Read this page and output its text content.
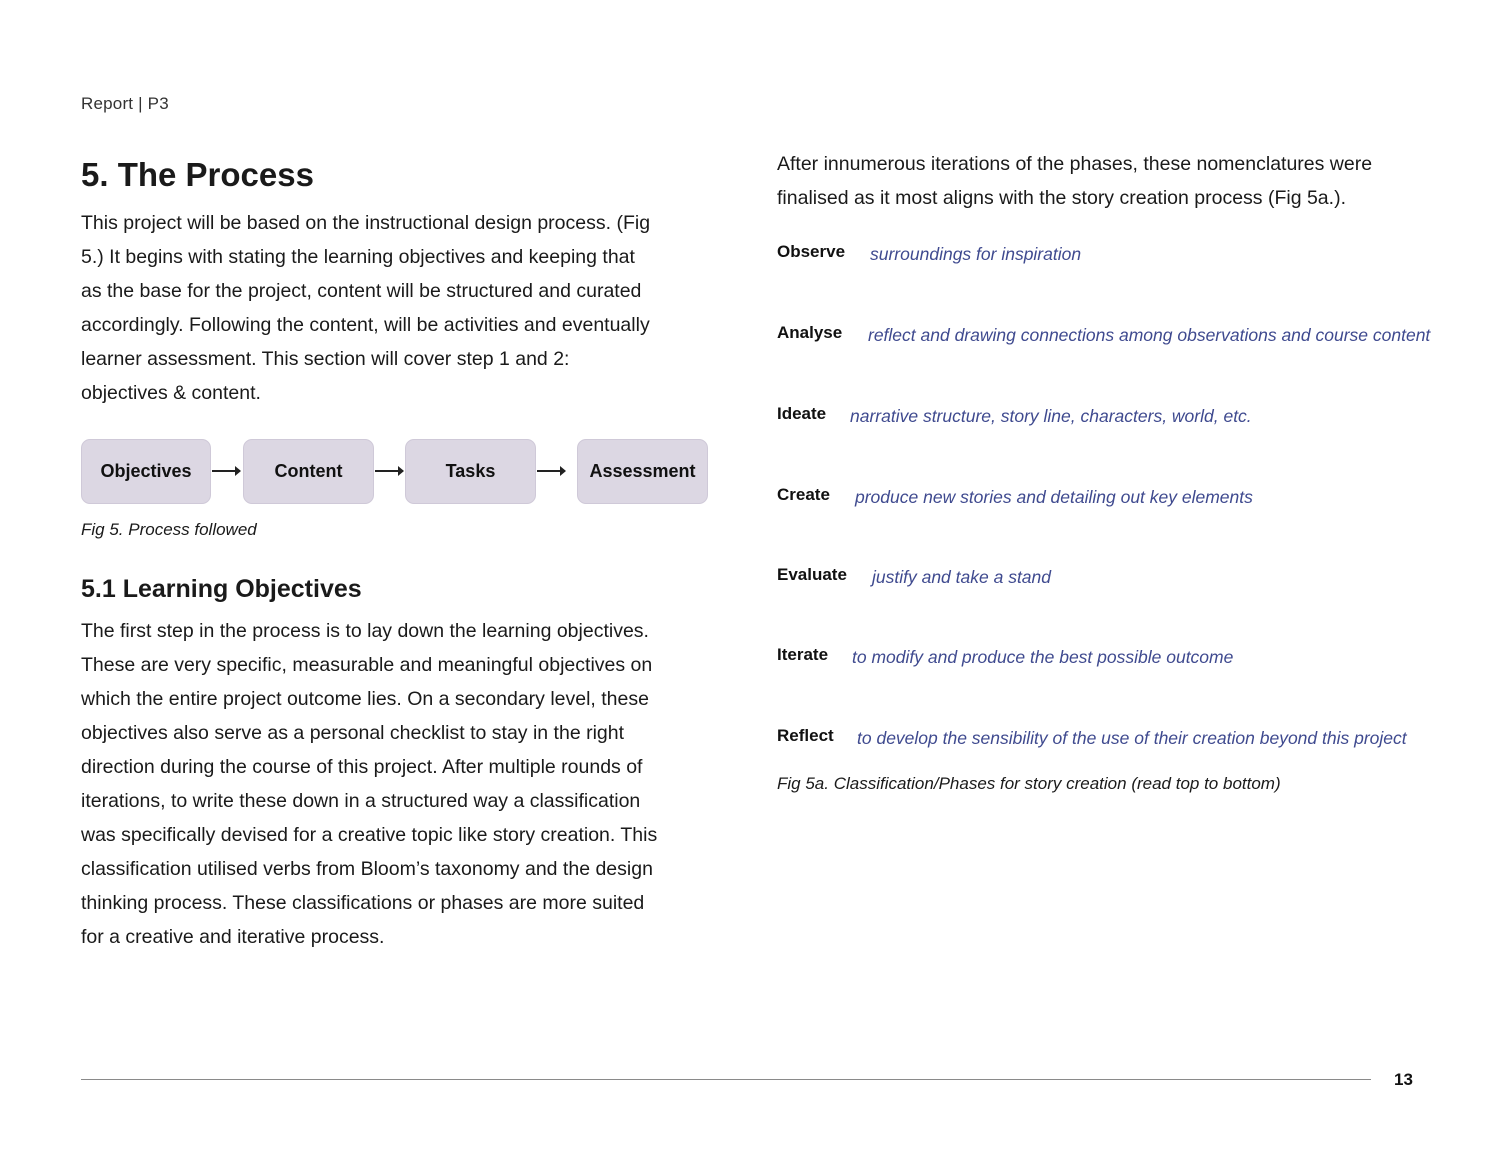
Report | P3
5. The Process
This project will be based on the instructional design process. (Fig 5.) It begins with stating the learning objectives and keeping that as the base for the project, content will be structured and curated accordingly. Following the content, will be activities and eventually learner assessment. This section will cover step 1 and 2: objectives & content.
Objectives	Content	Tasks	Assessment
Fig 5. Process followed
5.1 Learning Objectives
The first step in the process is to lay down the learning objectives. These are very specific, measurable and meaningful objectives on which the entire project outcome lies. On a secondary level, these objectives also serve as a personal checklist to stay in the right direction during the course of this project. After multiple rounds of iterations, to write these down in a structured way a classification was specifically devised for a creative topic like story creation. This classification utilised verbs from Bloom’s taxonomy and the design thinking process. These classifications or phases are more suited for a creative and iterative process.
After innumerous iterations of the phases, these nomenclatures were finalised as it most aligns with the story creation process (Fig 5a.).
Observe surroundings for inspiration
Analyse reflect and drawing connections among observations and course content
Ideate narrative structure, story line, characters, world, etc.
Create produce new stories and detailing out key elements
Evaluate justify and take a stand
Iterate to modify and produce the best possible outcome
Reflect to develop the sensibility of the use of their creation beyond this project
Fig 5a. Classification/Phases for story creation (read top to bottom)
13
